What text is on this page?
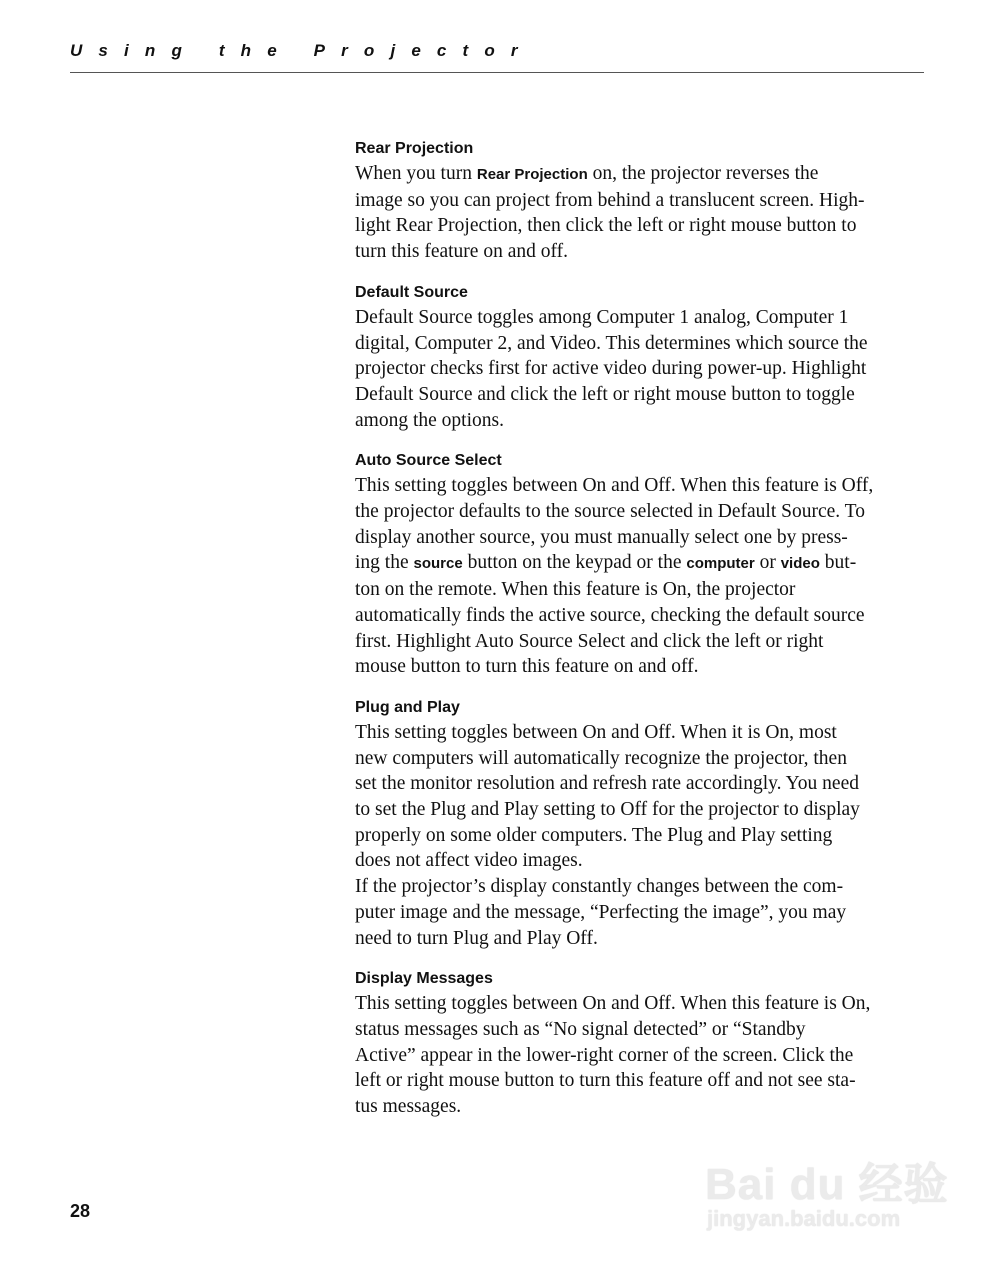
Using the Projector
Rear Projection
When you turn Rear Projection on, the projector reverses the
image so you can project from behind a translucent screen. High-
light Rear Projection, then click the left or right mouse button to
turn this feature on and off.
Default Source
Default Source toggles among Computer 1 analog, Computer 1
digital, Computer 2, and Video. This determines which source the
projector checks first for active video during power-up. Highlight
Default Source and click the left or right mouse button to toggle
among the options.
Auto Source Select
This setting toggles between On and Off. When this feature is Off,
the projector defaults to the source selected in Default Source. To
display another source, you must manually select one by press-
ing the source button on the keypad or the computer or video but-
ton on the remote. When this feature is On, the projector
automatically finds the active source, checking the default source
first. Highlight Auto Source Select and click the left or right
mouse button to turn this feature on and off.
Plug and Play
This setting toggles between On and Off. When it is On, most
new computers will automatically recognize the projector, then
set the monitor resolution and refresh rate accordingly. You need
to set the Plug and Play setting to Off for the projector to display
properly on some older computers. The Plug and Play setting
does not affect video images.
If the projector’s display constantly changes between the com-
puter image and the message, “Perfecting the image”, you may
need to turn Plug and Play Off.
Display Messages
This setting toggles between On and Off. When this feature is On,
status messages such as “No signal detected” or “Standby
Active” appear in the lower-right corner of the screen. Click the
left or right mouse button to turn this feature off and not see sta-
tus messages.
28
Bai du 经验
jingyan.baidu.com
